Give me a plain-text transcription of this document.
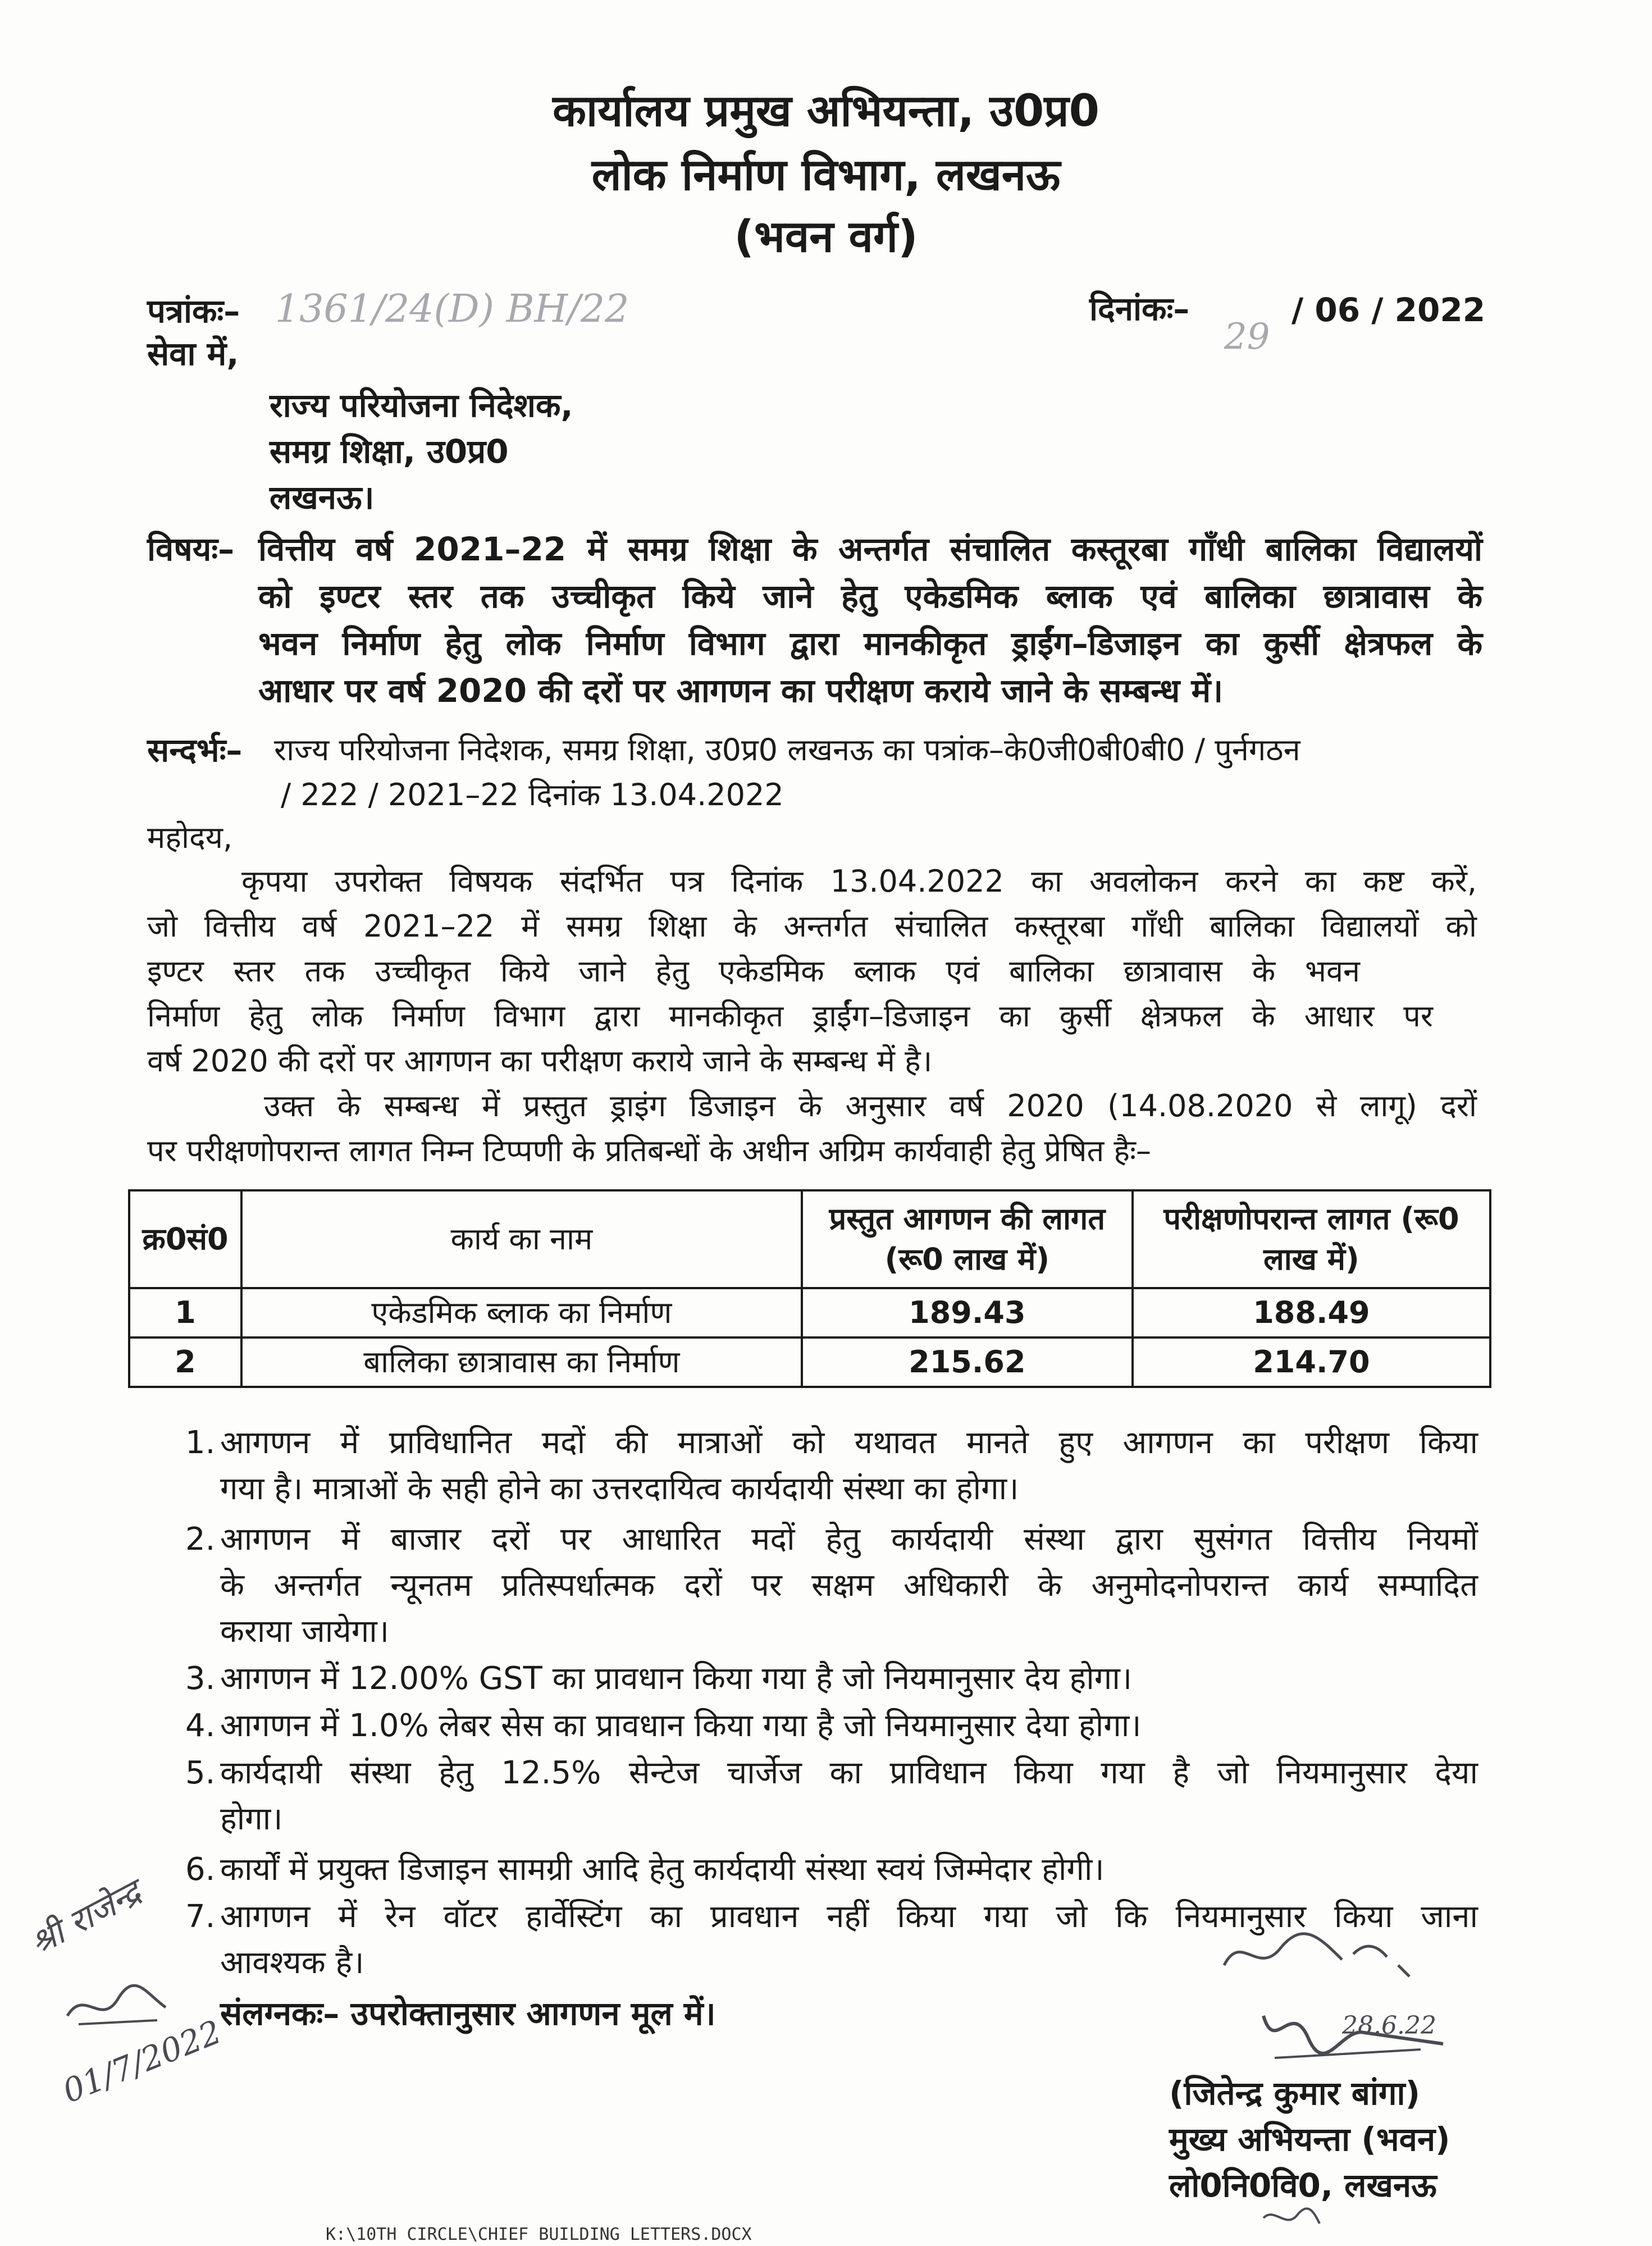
कार्यालय प्रमुख अभियन्ता, उ0प्र0
लोक निर्माण विभाग, लखनऊ
(भवन वर्ग)
पत्रांकः– 1361/24(D) BH/22	दिनांकः–
29
/ 06 / 2022
सेवा में,
राज्य परियोजना निदेशक,
समग्र शिक्षा, उ0प्र0
लखनऊ।
विषयः– वित्तीय वर्ष 2021–22 में समग्र शिक्षा के अन्तर्गत संचालित कस्तूरबा गाँधी बालिका विद्यालयों
को इण्टर स्तर तक उच्चीकृत किये जाने हेतु एकेडमिक ब्लाक एवं बालिका छात्रावास के
भवन निर्माण हेतु लोक निर्माण विभाग द्वारा मानकीकृत ड्राईंग–डिजाइन का कुर्सी क्षेत्रफल के
आधार पर वर्ष 2020 की दरों पर आगणन का परीक्षण कराये जाने के सम्बन्ध में।
सन्दर्भः– राज्य परियोजना निदेशक, समग्र शिक्षा, उ0प्र0 लखनऊ का पत्रांक–के0जी0बी0बी0 / पुर्नगठन
/ 222 / 2021–22 दिनांक 13.04.2022
महोदय,
कृपया उपरोक्त विषयक संदर्भित पत्र दिनांक 13.04.2022 का अवलोकन करने का कष्ट करें,
जो वित्तीय वर्ष 2021–22 में समग्र शिक्षा के अन्तर्गत संचालित कस्तूरबा गाँधी बालिका विद्यालयों को
इण्टर स्तर तक उच्चीकृत किये जाने हेतु एकेडमिक ब्लाक एवं बालिका छात्रावास के भवन
निर्माण हेतु लोक निर्माण विभाग द्वारा मानकीकृत ड्राईंग–डिजाइन का कुर्सी क्षेत्रफल के आधार पर
वर्ष 2020 की दरों पर आगणन का परीक्षण कराये जाने के सम्बन्ध में है।
उक्त के सम्बन्ध में प्रस्तुत ड्राइंग डिजाइन के अनुसार वर्ष 2020 (14.08.2020 से लागू) दरों
पर परीक्षणोपरान्त लागत निम्न टिप्पणी के प्रतिबन्धों के अधीन अग्रिम कार्यवाही हेतु प्रेषित हैः–
क्र0सं0	कार्य का नाम	प्रस्तुत आगणन की लागत (रू0 लाख में)	परीक्षणोपरान्त लागत (रू0 लाख में)
1	एकेडमिक ब्लाक का निर्माण	189.43	188.49
2	बालिका छात्रावास का निर्माण	215.62	214.70
1. आगणन में प्राविधानित मदों की मात्राओं को यथावत मानते हुए आगणन का परीक्षण किया
गया है। मात्राओं के सही होने का उत्तरदायित्व कार्यदायी संस्था का होगा।
2. आगणन में बाजार दरों पर आधारित मदों हेतु कार्यदायी संस्था द्वारा सुसंगत वित्तीय नियमों
के अन्तर्गत न्यूनतम प्रतिस्पर्धात्मक दरों पर सक्षम अधिकारी के अनुमोदनोपरान्त कार्य सम्पादित
कराया जायेगा।
3. आगणन में 12.00% GST का प्रावधान किया गया है जो नियमानुसार देय होगा।
4. आगणन में 1.0% लेबर सेस का प्रावधान किया गया है जो नियमानुसार देया होगा।
5. कार्यदायी संस्था हेतु 12.5% सेन्टेज चार्जेज का प्राविधान किया गया है जो नियमानुसार देया
होगा।
6. कार्यों में प्रयुक्त डिजाइन सामग्री आदि हेतु कार्यदायी संस्था स्वयं जिम्मेदार होगी।
7. आगणन में रेन वॉटर हार्वेस्टिंग का प्रावधान नहीं किया गया जो कि नियमानुसार किया जाना
आवश्यक है।
संलग्नकः– उपरोक्तानुसार आगणन मूल में।
श्री राजेन्द्र
01/7/2022	28.6.22
(जितेन्द्र कुमार बांगा)
मुख्य अभियन्ता (भवन)
लो0नि0वि0, लखनऊ
K:\10TH CIRCLE\CHIEF BUILDING LETTERS.DOCX
